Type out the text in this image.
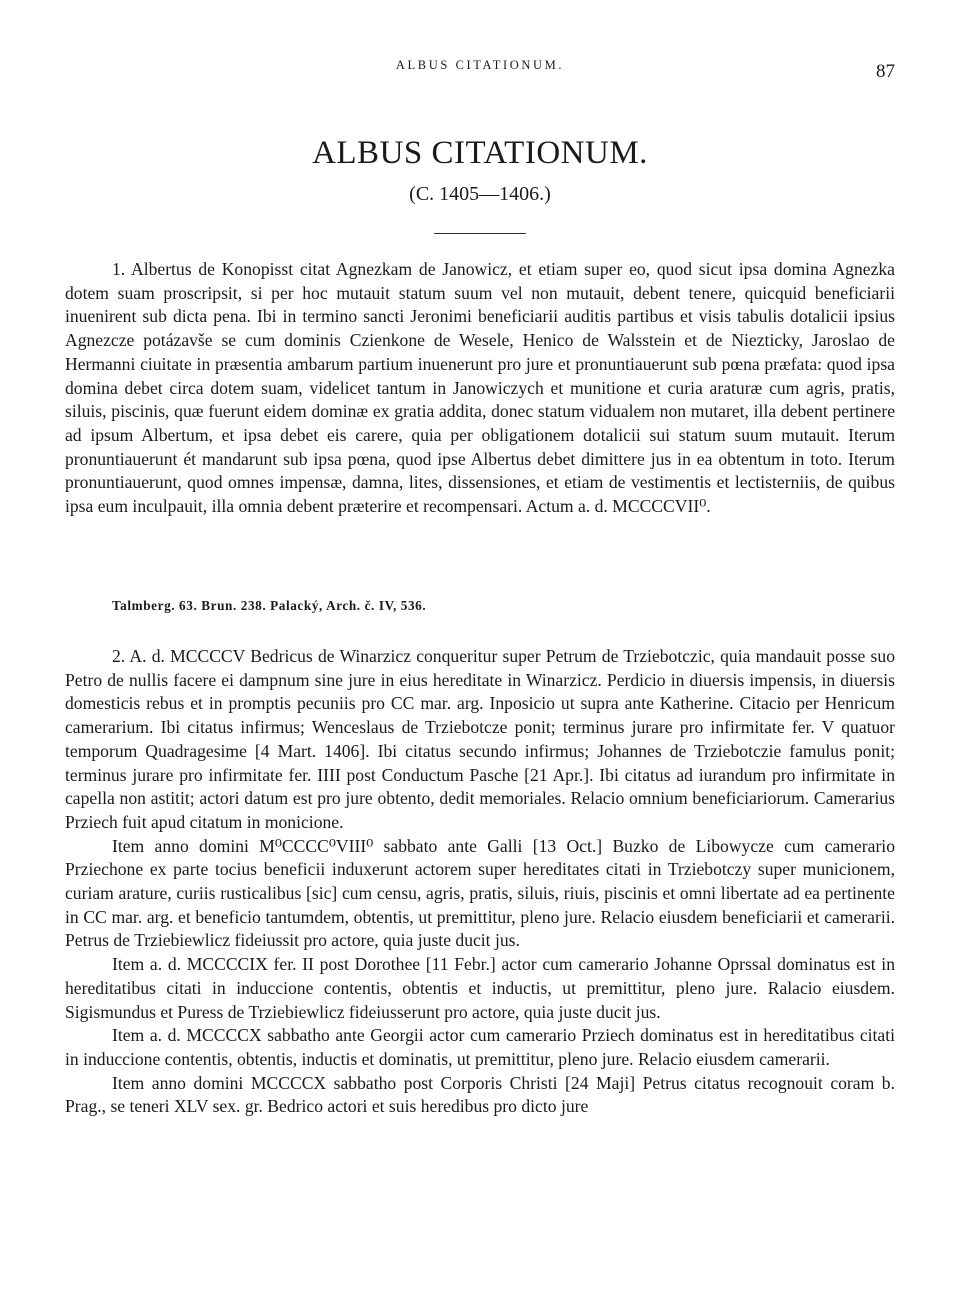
ALBUS CITATIONUM.	87
ALBUS CITATIONUM.
(C. 1405—1406.)

1. Albertus de Konopisst citat Agnezkam de Janowicz, et etiam super eo, quod sicut ipsa domina Agnezka dotem suam proscripsit, si per hoc mutauit statum suum vel non mutauit, debent tenere, quicquid beneficiarii inuenirent sub dicta pena. Ibi in termino sancti Jeronimi beneficiarii auditis partibus et visis tabulis dotalicii ipsius Agnezcze potázavše se cum dominis Czienkone de Wesele, Henico de Walsstein et de Niezticky, Jaroslao de Hermanni ciuitate in præsentia ambarum partium inuenerunt pro jure et pronuntiauerunt sub pœna præfata: quod ipsa domina debet circa dotem suam, videlicet tantum in Janowiczych et munitione et curia araturæ cum agris, pratis, siluis, piscinis, quæ fuerunt eidem dominæ ex gratia addita, donec statum vidualem non mutaret, illa debent pertinere ad ipsum Albertum, et ipsa debet eis carere, quia per obligationem dotalicii sui statum suum mutauit. Iterum pronuntiauerunt ét mandarunt sub ipsa pœna, quod ipse Albertus debet dimittere jus in ea obtentum in toto. Iterum pronuntiauerunt, quod omnes impensæ, damna, lites, dissensiones, et etiam de vestimentis et lectisterniis, de quibus ipsa eum inculpauit, illa omnia debent præterire et recompensari. Actum a. d. MCCCCVII⁰.

Talmberg. 63. Brun. 238. Palacký, Arch. č. IV, 536.

2. A. d. MCCCCV Bedricus de Winarzicz conqueritur super Petrum de Trziebotczic, quia mandauit posse suo Petro de nullis facere ei dampnum sine jure in eius hereditate in Winarzicz. Perdicio in diuersis impensis, in diuersis domesticis rebus et in promptis pecuniis pro CC mar. arg. Inposicio ut supra ante Katherine. Citacio per Henricum camerarium. Ibi citatus infirmus; Wenceslaus de Trziebotcze ponit; terminus jurare pro infirmitate fer. V quatuor temporum Quadragesime [4 Mart. 1406]. Ibi citatus secundo infirmus; Johannes de Trziebotczie famulus ponit; terminus jurare pro infirmitate fer. IIII post Conductum Pasche [21 Apr.]. Ibi citatus ad iurandum pro infirmitate in capella non astitit; actori datum est pro jure obtento, dedit memoriales. Relacio omnium beneficiariorum. Camerarius Prziech fuit apud citatum in monicione.

Item anno domini M⁰CCCC⁰VIII⁰ sabbato ante Galli [13 Oct.] Buzko de Libowycze cum camerario Prziechone ex parte tocius beneficii induxerunt actorem super hereditates citati in Trziebotczy super municionem, curiam arature, curiis rusticalibus [sic] cum censu, agris, pratis, siluis, riuis, piscinis et omni libertate ad ea pertinente in CC mar. arg. et beneficio tantumdem, obtentis, ut premittitur, pleno jure. Relacio eiusdem beneficiarii et camerarii. Petrus de Trziebiewlicz fideiussit pro actore, quia juste ducit jus.

Item a. d. MCCCCIX fer. II post Dorothee [11 Febr.] actor cum camerario Johanne Oprssal dominatus est in hereditatibus citati in induccione contentis, obtentis et inductis, ut premittitur, pleno jure. Ralacio eiusdem. Sigismundus et Puress de Trziebiewlicz fideiusserunt pro actore, quia juste ducit jus.

Item a. d. MCCCCX sabbatho ante Georgii actor cum camerario Prziech dominatus est in hereditatibus citati in induccione contentis, obtentis, inductis et dominatis, ut premittitur, pleno jure. Relacio eiusdem camerarii.

Item anno domini MCCCCX sabbatho post Corporis Christi [24 Maji] Petrus citatus recognouit coram b. Prag., se teneri XLV sex. gr. Bedrico actori et suis heredibus pro dicto jure
